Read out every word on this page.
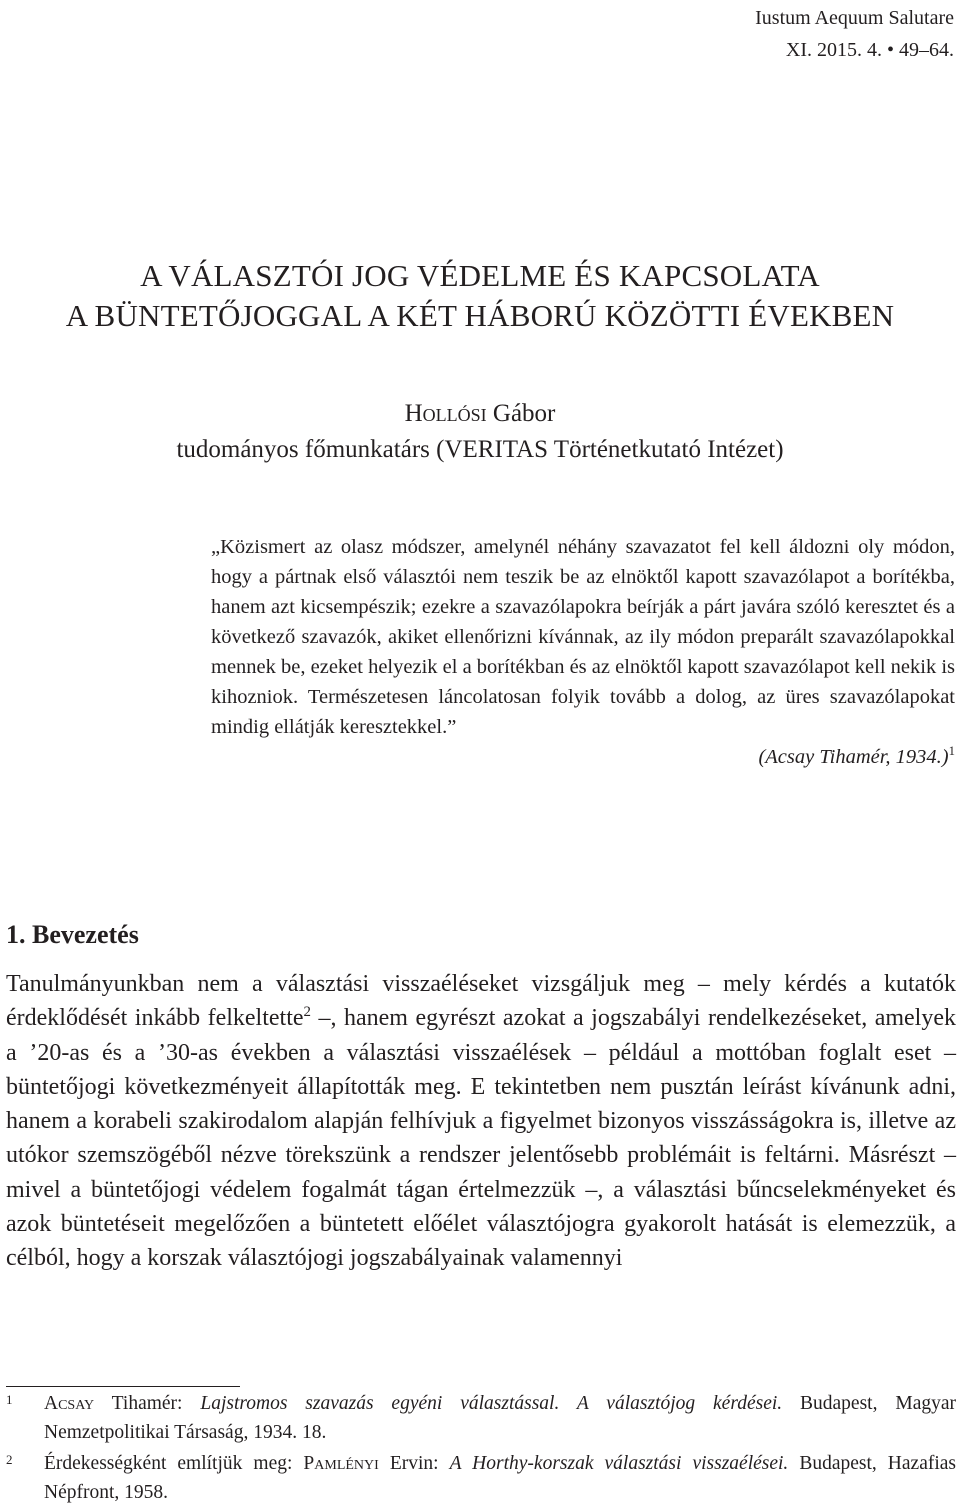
Iustum Aequum Salutare
XI. 2015. 4. • 49–64.
A VÁLASZTÓI JOG VÉDELME ÉS KAPCSOLATA
A BÜNTETŐJOGGAL A KÉT HÁBORÚ KÖZÖTTI ÉVEKBEN
Hollósi Gábor
tudományos főmunkatárs (VERITAS Történetkutató Intézet)

„Közismert az olasz módszer, amelynél néhány szavazatot fel kell áldozni oly módon, hogy a pártnak első választói nem teszik be az elnöktől kapott szavazólapot a borítékba, hanem azt kicsempészik; ezekre a szavazólapokra beírják a párt javára szóló keresztet és a következő szavazók, akiket ellenőrizni kívánnak, az ily módon preparált szavazólapokkal mennek be, ezeket helyezik el a borítékban és az elnöktől kapott szavazólapot kell nekik is kihozniok. Természetesen láncolatosan folyik tovább a dolog, az üres szavazólapokat mindig ellátják keresztekkel.”

(Acsay Tihamér, 1934.)$^1$

1. Bevezetés

Tanulmányunkban nem a választási visszaéléseket vizsgáljuk meg – mely kérdés a kutatók érdeklődését inkább felkeltette$^2$ –, hanem egyrészt azokat a jogszabályi rendelkezéseket, amelyek a ’20-as és a ’30-as években a választási visszaélések – például a mottóban foglalt eset – büntetőjogi következményeit állapították meg. E tekintetben nem pusztán leírást kívánunk adni, hanem a korabeli szakirodalom alapján felhívjuk a figyelmet bizonyos visszásságokra is, illetve az utókor szemszögéből nézve törekszünk a rendszer jelentősebb problémáit is feltárni. Másrészt – mivel a büntetőjogi védelem fogalmát tágan értelmezzük –, a választási bűncselekményeket és azok büntetéseit megelőzően a büntetett előélet választójogra gyakorolt hatását is elemezzük, a célból, hogy a korszak választójogi jogszabályainak valamennyi

1	Acsay Tihamér: Lajstromos szavazás egyéni választással. A választójog kérdései. Budapest, Magyar Nemzetpolitikai Társaság, 1934. 18.
2	Érdekességként említjük meg: Pamlényi Ervin: A Horthy-korszak választási visszaélései. Budapest, Hazafias Népfront, 1958.
